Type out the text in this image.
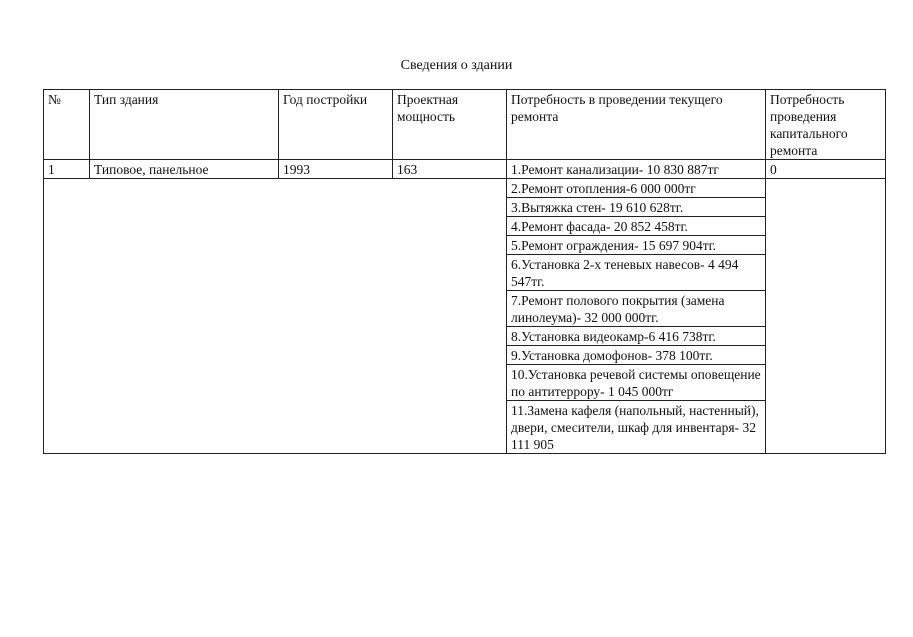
Сведения о здании
№	Тип здания	Год постройки	Проектная мощность	Потребность в проведении текущего ремонта	Потребность проведения капитального ремонта
1	Типовое, панельное	1993	163	1.Ремонт канализации- 10 830 887тг	0
				2.Ремонт отопления-6 000 000тг	
				3.Вытяжка стен- 19 610 628тг.	
				4.Ремонт фасада- 20 852 458тг.	
				5.Ремонт ограждения- 15 697 904тг.	
				6.Установка 2-х теневых навесов- 4 494 547тг.	
				7.Ремонт полового покрытия (замена линолеума)- 32 000 000тг.	
				8.Установка видеокамр-6 416 738тг.	
				9.Установка домофонов- 378 100тг.	
				10.Установка речевой системы оповещение по антитеррору- 1 045 000тг	
				11.Замена кафеля (напольный, настенный), двери, смесители, шкаф для инвентаря- 32 111 905	
